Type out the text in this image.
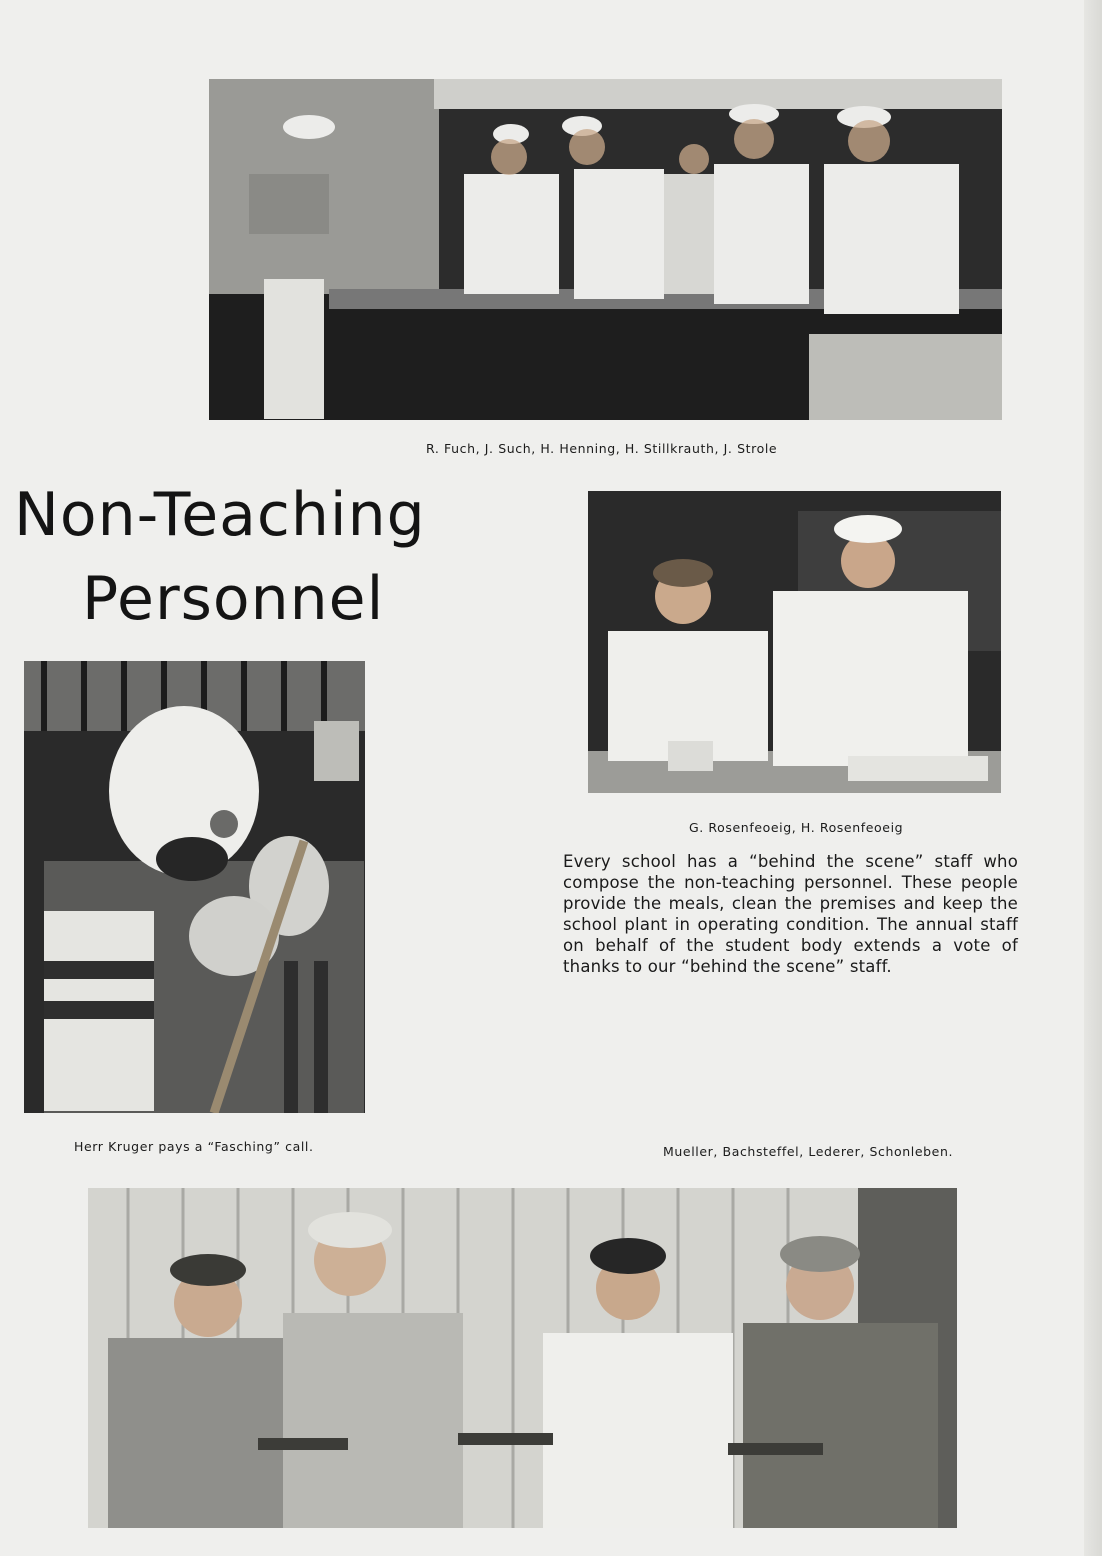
R. Fuch, J. Such, H. Henning, H. Stillkrauth, J. Strole
Non-Teaching
Personnel
G. Rosenfeoeig, H. Rosenfeoeig
Every school has a “behind the scene” staff who compose the non-teaching personnel. These people provide the meals, clean the premises and keep the school plant in operating condition. The annual staff on behalf of the student body extends a vote of thanks to our “behind the scene” staff.
Herr Kruger pays a “Fasching” call.	Mueller, Bachsteffel, Lederer, Schonleben.
